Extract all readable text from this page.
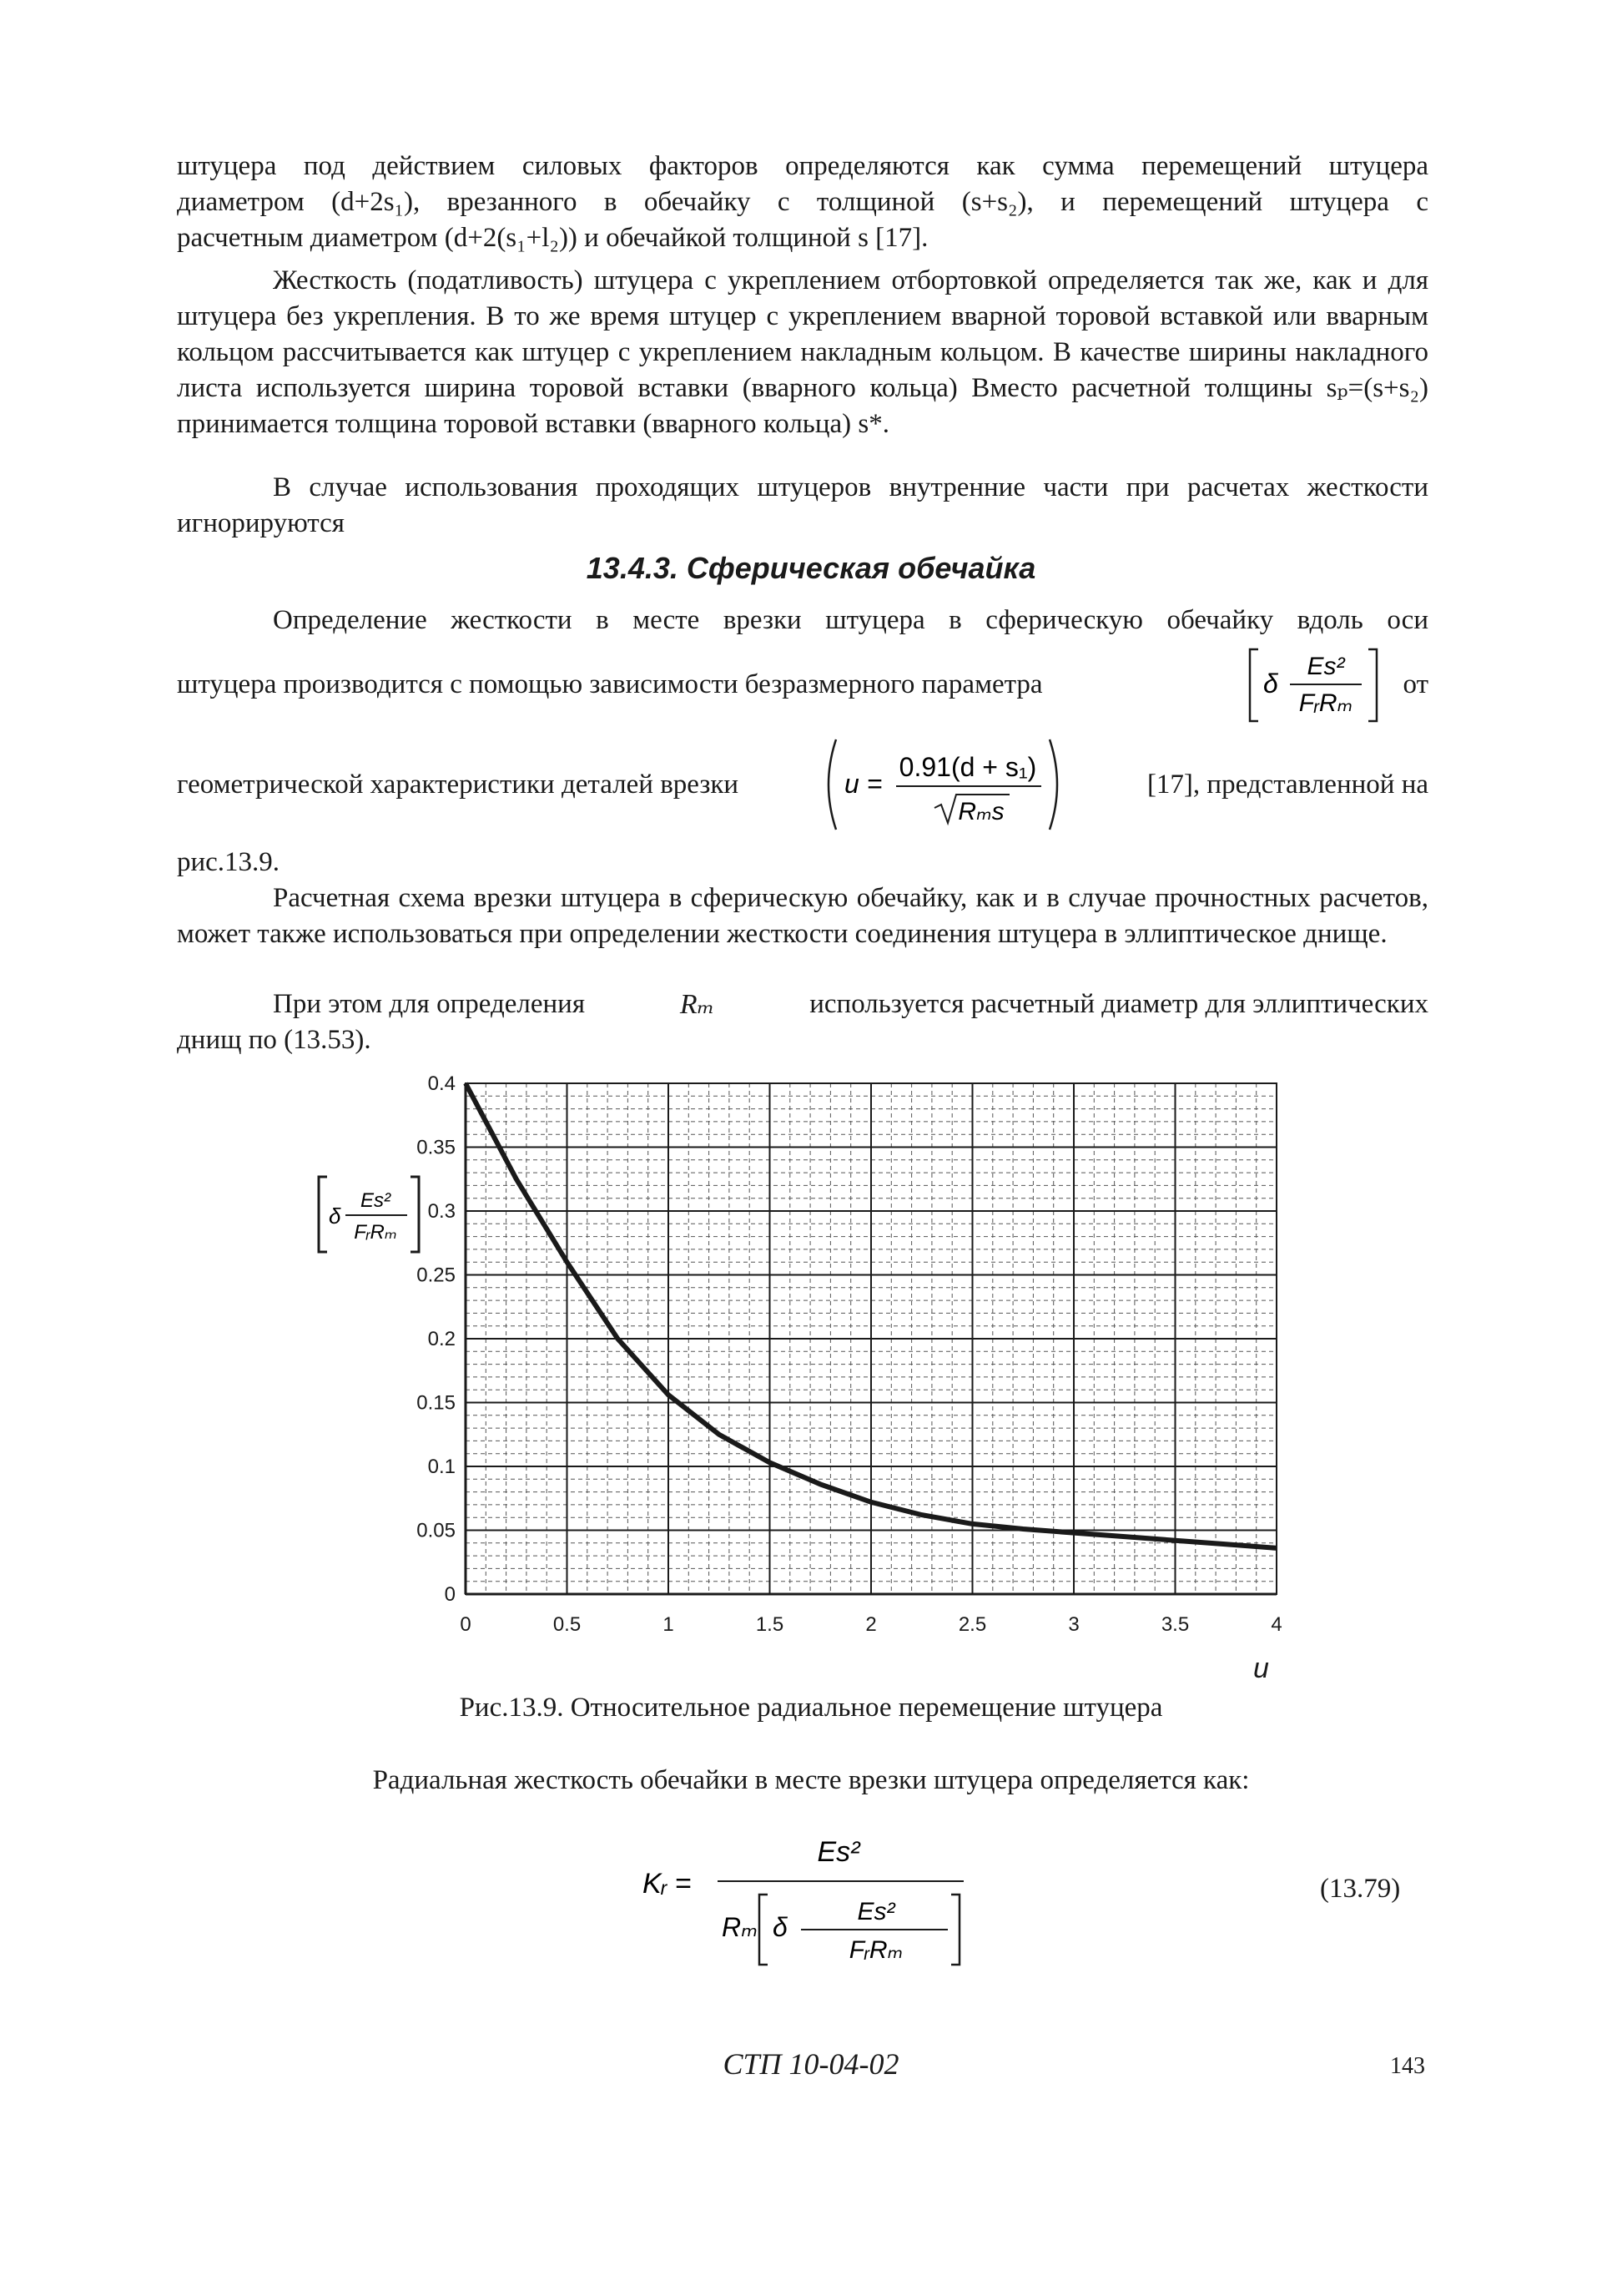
штуцера под действием силовых факторов определяются как сумма перемещений штуцера

диаметром (d+2s₁), врезанного в обечайку с толщиной (s+s₂), и перемещений штуцера с

расчетным диаметром (d+2(s₁+l₂)) и обечайкой толщиной s [17].

Жесткость (податливость) штуцера с укреплением отбортовкой определяется так же, как и для штуцера без укрепления. В то же время штуцер с укреплением вварной торовой вставкой или вварным кольцом рассчитывается как штуцер с укреплением накладным кольцом. В качестве ширины накладного листа используется ширина торовой вставки (вварного кольца) Вместо расчетной толщины sₚ=(s+s₂) принимается толщина торовой вставки (вварного кольца) s*.

В случае использования проходящих штуцеров внутренние части при расчетах жесткости игнорируются

13.4.3. Сферическая обечайка

Определение жесткости в месте врезки штуцера в сферическую обечайку вдоль оси

штуцера производится с помощью зависимости безразмерного параметра	δ
Es²
FᵣRₘ
от
геометрической характеристики деталей врезки	u =
0.91(d + s₁)
Rₘs
[17], представленной на

рис.13.9.

Расчетная схема врезки штуцера в сферическую обечайку, как и в случае прочностных расчетов, может также использоваться при определении жесткости соединения штуцера в эллиптическое днище.

При этом для определения	Rₘ	используется расчетный диаметр для эллиптических

днищ по (13.53).

0	0.5	1	1.5	2	2.5	3	3.5	4
0
0.05
0.1
0.15
0.2
0.25
0.3
0.35
0.4
u
δ
Es²
FᵣRₘ
Рис.13.9. Относительное радиальное перемещение штуцера
Радиальная жесткость обечайки в месте врезки штуцера определяется как:
Kᵣ =
Es²
Rₘ δ
Es²
FᵣRₘ
(13.79)
СТП 10-04-02	143
